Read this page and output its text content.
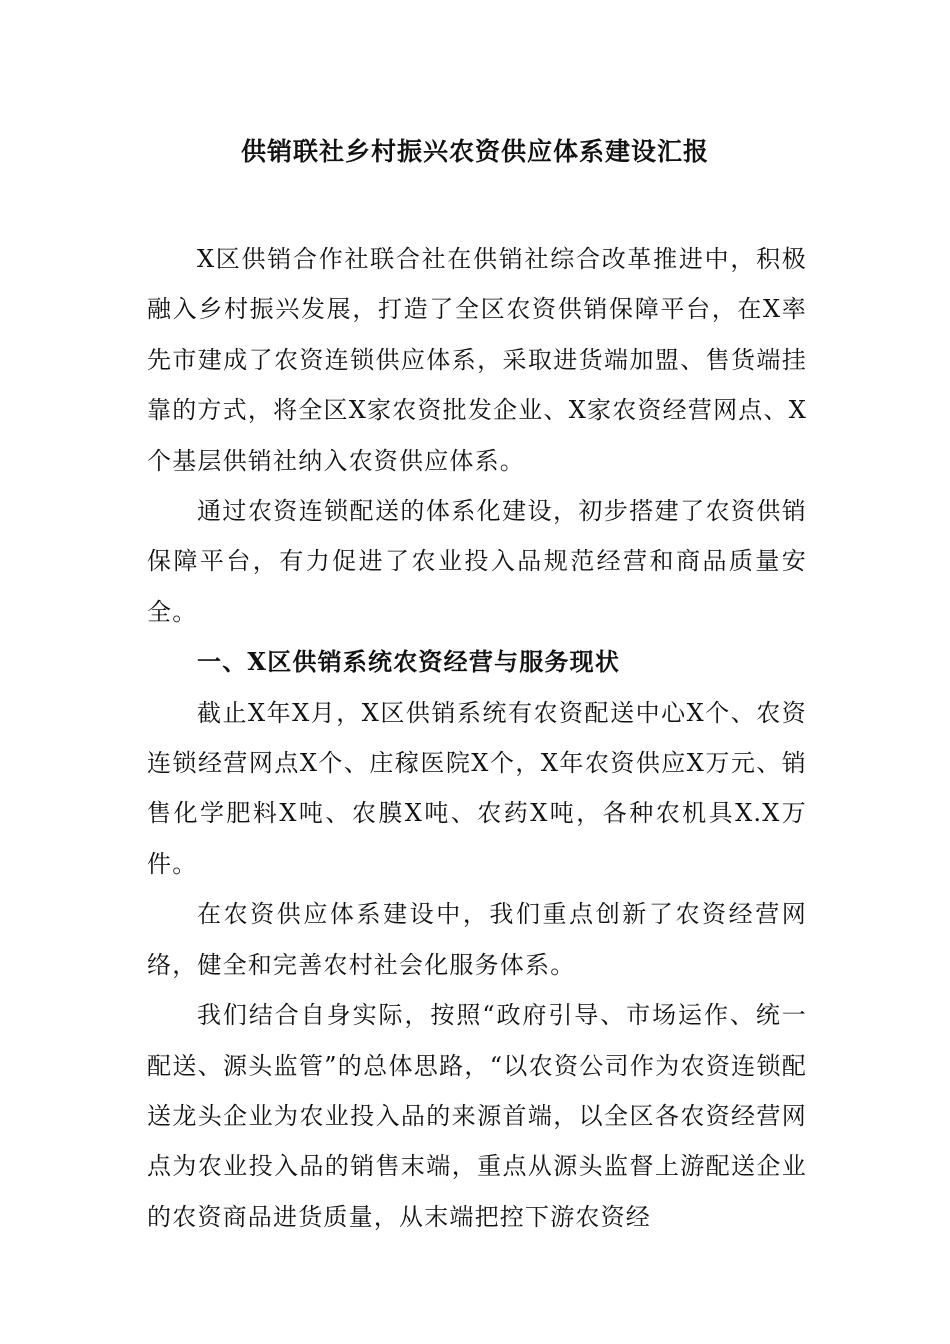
供销联社乡村振兴农资供应体系建设汇报

X区供销合作社联合社在供销社综合改革推进中，积极融入乡村振兴发展，打造了全区农资供销保障平台，在X率先市建成了农资连锁供应体系，采取进货端加盟、售货端挂靠的方式，将全区X家农资批发企业、X家农资经营网点、X个基层供销社纳入农资供应体系。

通过农资连锁配送的体系化建设，初步搭建了农资供销保障平台，有力促进了农业投入品规范经营和商品质量安全。

一、X区供销系统农资经营与服务现状

截止X年X月，X区供销系统有农资配送中心X个、农资连锁经营网点X个、庄稼医院X个，X年农资供应X万元、销售化学肥料X吨、农膜X吨、农药X吨，各种农机具X.X万件。

在农资供应体系建设中，我们重点创新了农资经营网络，健全和完善农村社会化服务体系。

我们结合自身实际，按照“政府引导、市场运作、统一配送、源头监管”的总体思路，“以农资公司作为农资连锁配送龙头企业为农业投入品的来源首端，以全区各农资经营网点为农业投入品的销售末端，重点从源头监督上游配送企业的农资商品进货质量，从末端把控下游农资经
